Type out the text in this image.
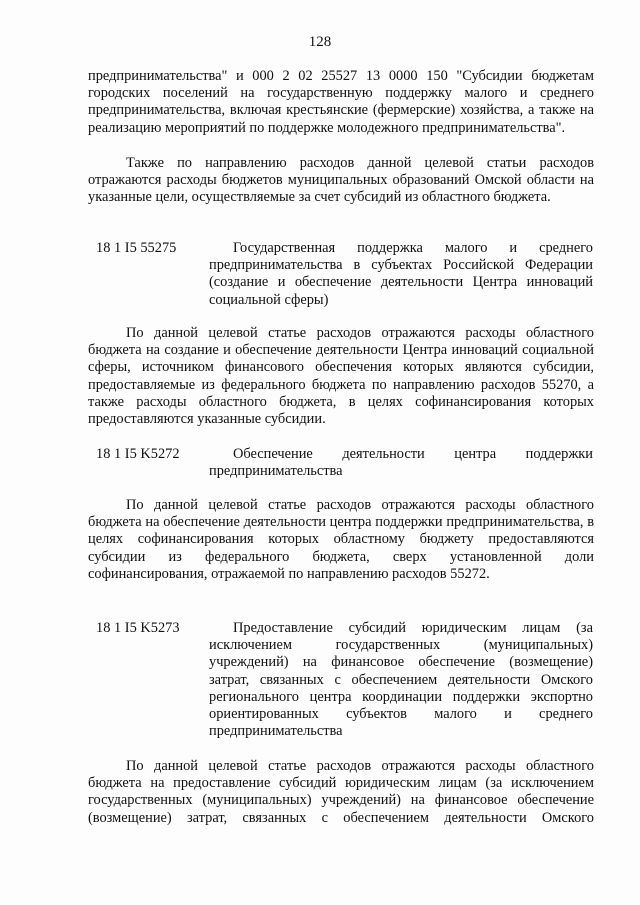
128

предпринимательства" и 000 2 02 25527 13 0000 150 "Субсидии бюджетам городских поселений на государственную поддержку малого и среднего предпринимательства, включая крестьянские (фермерские) хозяйства, а также на реализацию мероприятий по поддержке молодежного предпринимательства".

Также по направлению расходов данной целевой статьи расходов отражаются расходы бюджетов муниципальных образований Омской области на указанные цели, осуществляемые за счет субсидий из областного бюджета.

18 1 I5 55275	Государственная поддержка малого и среднего предпринимательства в субъектах Российской Федерации (создание и обеспечение деятельности Центра инноваций социальной сферы)

По данной целевой статье расходов отражаются расходы областного бюджета на создание и обеспечение деятельности Центра инноваций социальной сферы, источником финансового обеспечения которых являются субсидии, предоставляемые из федерального бюджета по направлению расходов 55270, а также расходы областного бюджета, в целях софинансирования которых предоставляются указанные субсидии.

18 1 I5 K5272	Обеспечение деятельности центра поддержки предпринимательства

По данной целевой статье расходов отражаются расходы областного бюджета на обеспечение деятельности центра поддержки предпринимательства, в целях софинансирования которых областному бюджету предоставляются субсидии из федерального бюджета, сверх установленной доли софинансирования, отражаемой по направлению расходов 55272.

18 1 I5 K5273	Предоставление субсидий юридическим лицам (за исключением государственных (муниципальных) учреждений) на финансовое обеспечение (возмещение) затрат, связанных с обеспечением деятельности Омского регионального центра координации поддержки экспортно ориентированных субъектов малого и среднего предпринимательства

По данной целевой статье расходов отражаются расходы областного бюджета на предоставление субсидий юридическим лицам (за исключением государственных (муниципальных) учреждений) на финансовое обеспечение (возмещение) затрат, связанных с обеспечением деятельности Омского
